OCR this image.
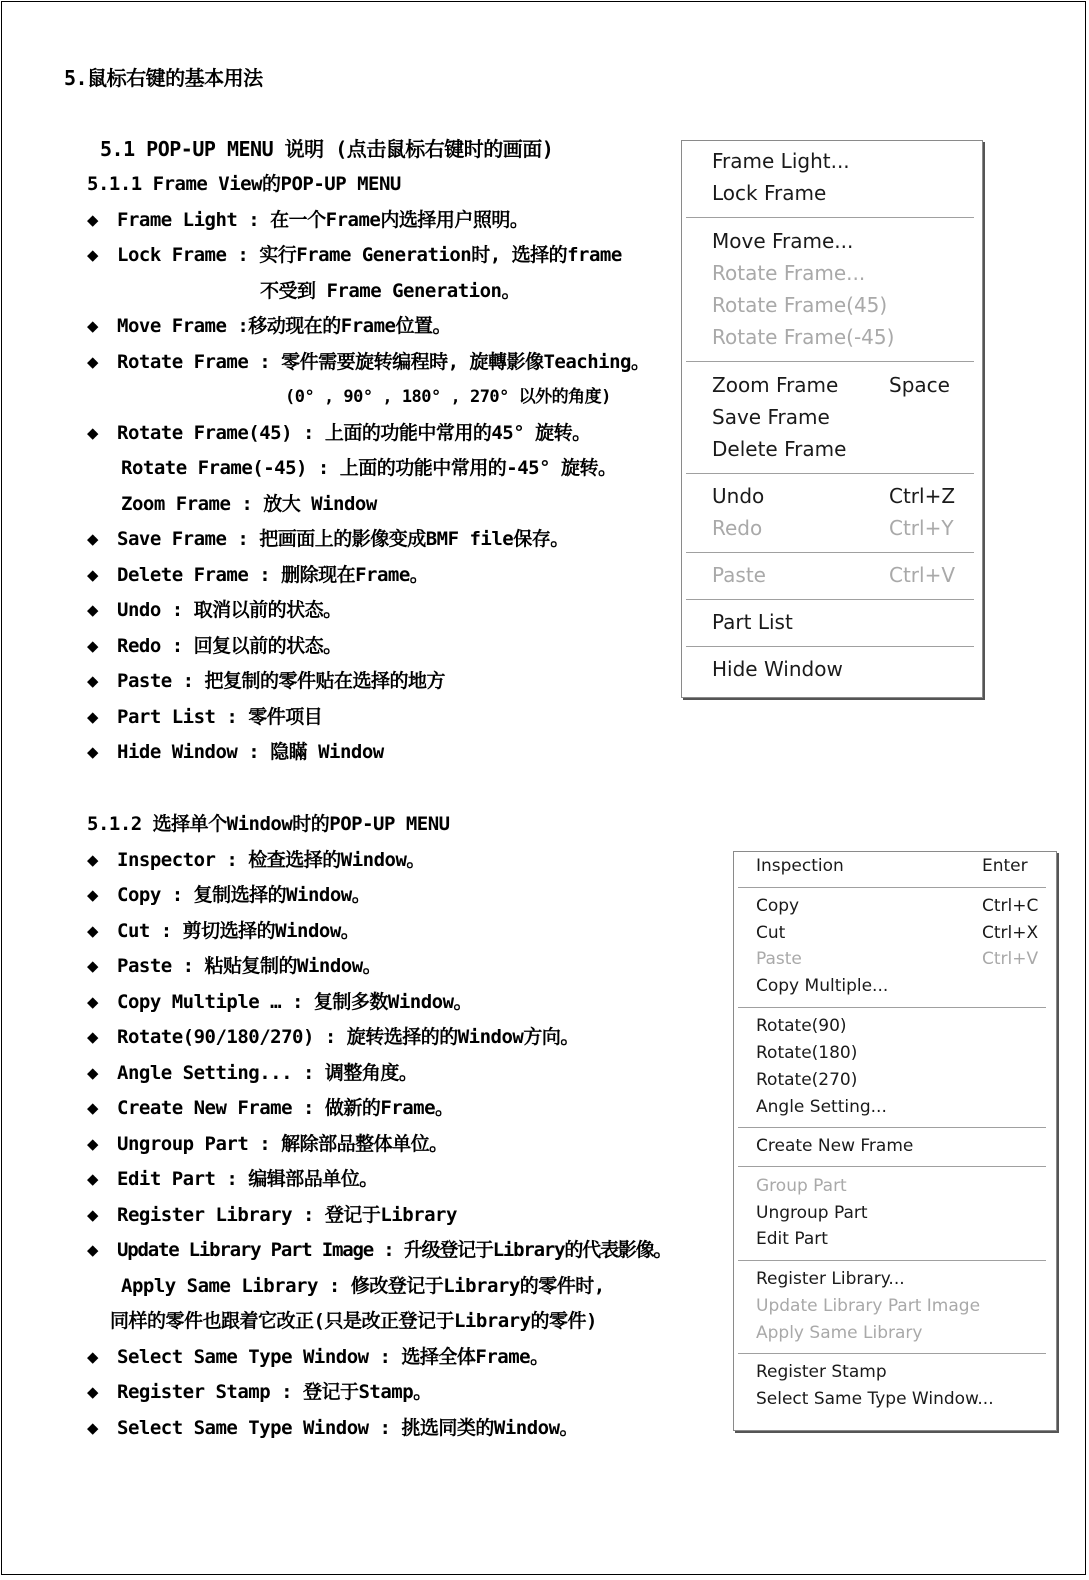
5.鼠标右键的基本用法
5.1 POP-UP MENU 说明 (点击鼠标右键时的画面)
5.1.1 Frame View的POP-UP MENU
◆ Frame Light : 在一个Frame内选择用户照明。
◆ Lock Frame : 实行Frame Generation时, 选择的frame
不受到 Frame Generation。
◆ Move Frame :移动现在的Frame位置。
◆ Rotate Frame : 零件需要旋转编程時, 旋轉影像Teaching。
(0° , 90° , 180° , 270° 以外的角度)
◆ Rotate Frame(45) : 上面的功能中常用的45° 旋转。
Rotate Frame(-45) : 上面的功能中常用的-45° 旋转。
Zoom Frame : 放大 Window
◆ Save Frame : 把画面上的影像变成BMF file保存。
◆ Delete Frame : 删除现在Frame。
◆ Undo : 取消以前的状态。
◆ Redo : 回复以前的状态。
◆ Paste : 把复制的零件贴在选择的地方
◆ Part List : 零件项目
◆ Hide Window : 隐瞞 Window
Frame Light...
Lock Frame
Move Frame...
Rotate Frame...
Rotate Frame(45)
Rotate Frame(-45)
Zoom Frame	Space
Save Frame
Delete Frame
Undo	Ctrl+Z
Redo	Ctrl+Y
Paste	Ctrl+V
Part List
Hide Window
5.1.2 选择单个Window时的POP-UP MENU
◆ Inspector : 检查选择的Window。
◆ Copy : 复制选择的Window。
◆ Cut : 剪切选择的Window。
◆ Paste : 粘贴复制的Window。
◆ Copy Multiple … : 复制多数Window。
◆ Rotate(90/180/270) : 旋转选择的的Window方向。
◆ Angle Setting... : 调整角度。
◆ Create New Frame : 做新的Frame。
◆ Ungroup Part : 解除部品整体单位。
◆ Edit Part : 编辑部品单位。
◆ Register Library : 登记于Library
◆ Update Library Part Image : 升级登记于Library的代表影像。
Apply Same Library : 修改登记于Library的零件时,
同样的零件也跟着它改正(只是改正登记于Library的零件)
◆ Select Same Type Window : 选择全体Frame。
◆ Register Stamp : 登记于Stamp。
◆ Select Same Type Window : 挑选同类的Window。
Inspection	Enter
Copy	Ctrl+C
Cut	Ctrl+X
Paste	Ctrl+V
Copy Multiple...
Rotate(90)
Rotate(180)
Rotate(270)
Angle Setting...
Create New Frame
Group Part
Ungroup Part
Edit Part
Register Library...
Update Library Part Image
Apply Same Library
Register Stamp
Select Same Type Window...
